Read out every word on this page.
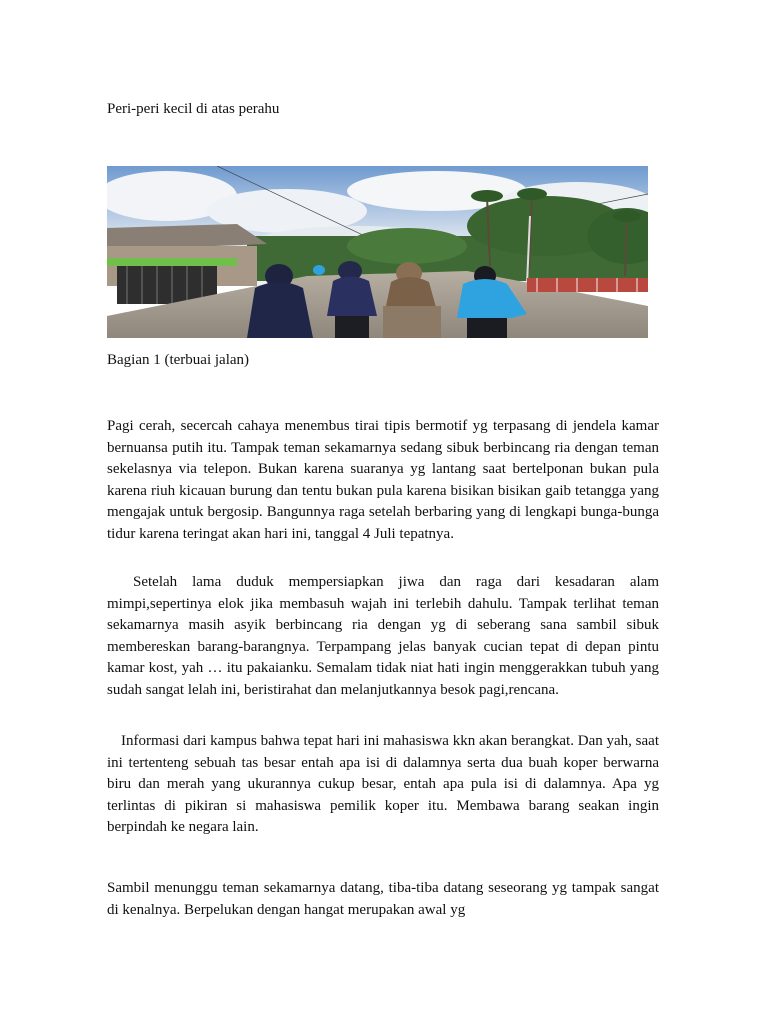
Peri-peri kecil di atas perahu
Bagian 1 (terbuai jalan)

Pagi cerah, secercah cahaya menembus tirai tipis bermotif yg terpasang di jendela kamar bernuansa putih itu. Tampak teman sekamarnya sedang sibuk berbincang ria dengan teman sekelasnya via telepon. Bukan karena suaranya yg lantang saat bertelponan bukan pula karena riuh kicauan burung dan tentu bukan pula karena bisikan bisikan gaib tetangga yang mengajak untuk bergosip. Bangunnya raga setelah berbaring yang di lengkapi bunga-bunga tidur karena teringat akan hari ini, tanggal 4 Juli tepatnya.

Setelah lama duduk mempersiapkan jiwa dan raga dari kesadaran alam mimpi,sepertinya elok jika membasuh wajah ini terlebih dahulu. Tampak terlihat teman sekamarnya masih asyik berbincang ria dengan yg di seberang sana sambil sibuk membereskan barang-barangnya. Terpampang jelas banyak cucian tepat di depan pintu kamar kost, yah … itu pakaianku. Semalam tidak niat hati ingin menggerakkan tubuh yang sudah sangat lelah ini, beristirahat dan melanjutkannya besok pagi,rencana.

Informasi dari kampus bahwa tepat hari ini mahasiswa kkn akan berangkat. Dan yah, saat ini tertenteng sebuah tas besar entah apa isi di dalamnya serta dua buah koper berwarna biru dan merah yang ukurannya cukup besar, entah apa pula isi di dalamnya. Apa yg terlintas di pikiran si mahasiswa pemilik koper itu. Membawa barang seakan ingin berpindah ke negara lain.

Sambil menunggu teman sekamarnya datang, tiba-tiba datang seseorang yg tampak sangat di kenalnya. Berpelukan dengan hangat merupakan awal yg
